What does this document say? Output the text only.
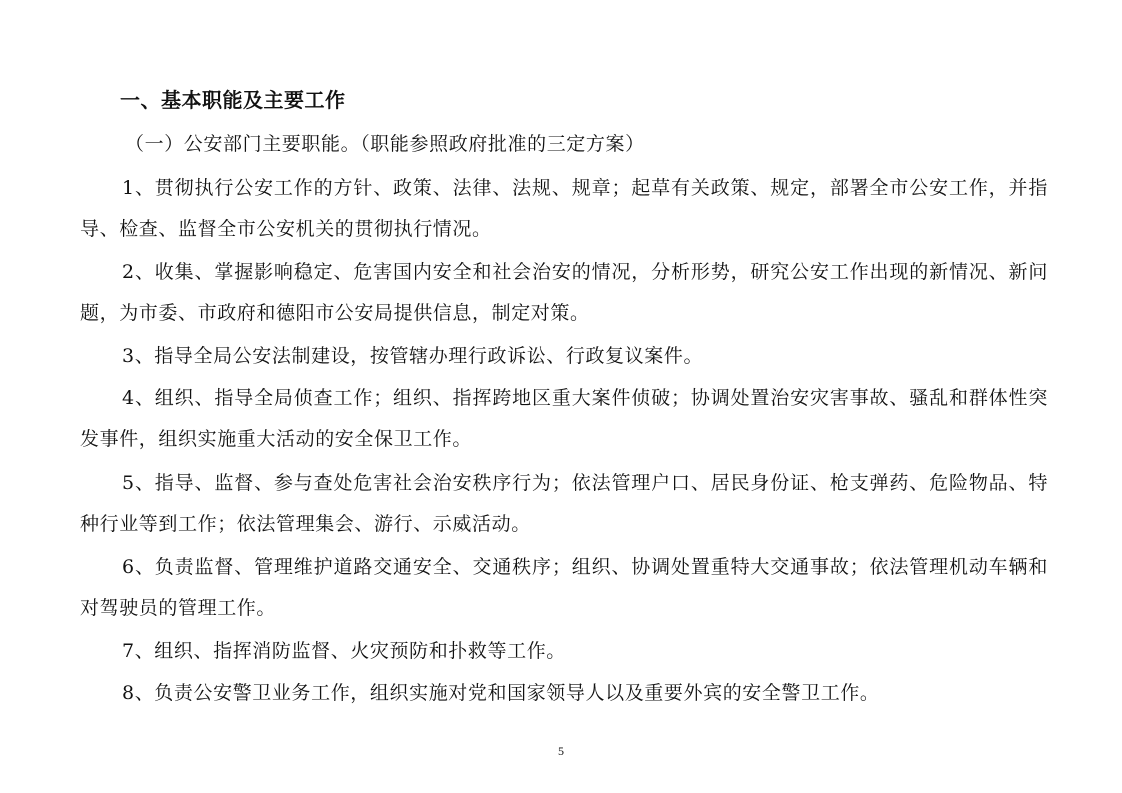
一、基本职能及主要工作
（一）公安部门主要职能。（职能参照政府批准的三定方案）

1、贯彻执行公安工作的方针、政策、法律、法规、规章；起草有关政策、规定，部署全市公安工作，并指导、检查、监督全市公安机关的贯彻执行情况。

2、收集、掌握影响稳定、危害国内安全和社会治安的情况，分析形势，研究公安工作出现的新情况、新问题，为市委、市政府和德阳市公安局提供信息，制定对策。

3、指导全局公安法制建设，按管辖办理行政诉讼、行政复议案件。

4、组织、指导全局侦查工作；组织、指挥跨地区重大案件侦破；协调处置治安灾害事故、骚乱和群体性突发事件，组织实施重大活动的安全保卫工作。

5、指导、监督、参与查处危害社会治安秩序行为；依法管理户口、居民身份证、枪支弹药、危险物品、特种行业等到工作；依法管理集会、游行、示威活动。

6、负责监督、管理维护道路交通安全、交通秩序；组织、协调处置重特大交通事故；依法管理机动车辆和对驾驶员的管理工作。

7、组织、指挥消防监督、火灾预防和扑救等工作。

8、负责公安警卫业务工作，组织实施对党和国家领导人以及重要外宾的安全警卫工作。

5
